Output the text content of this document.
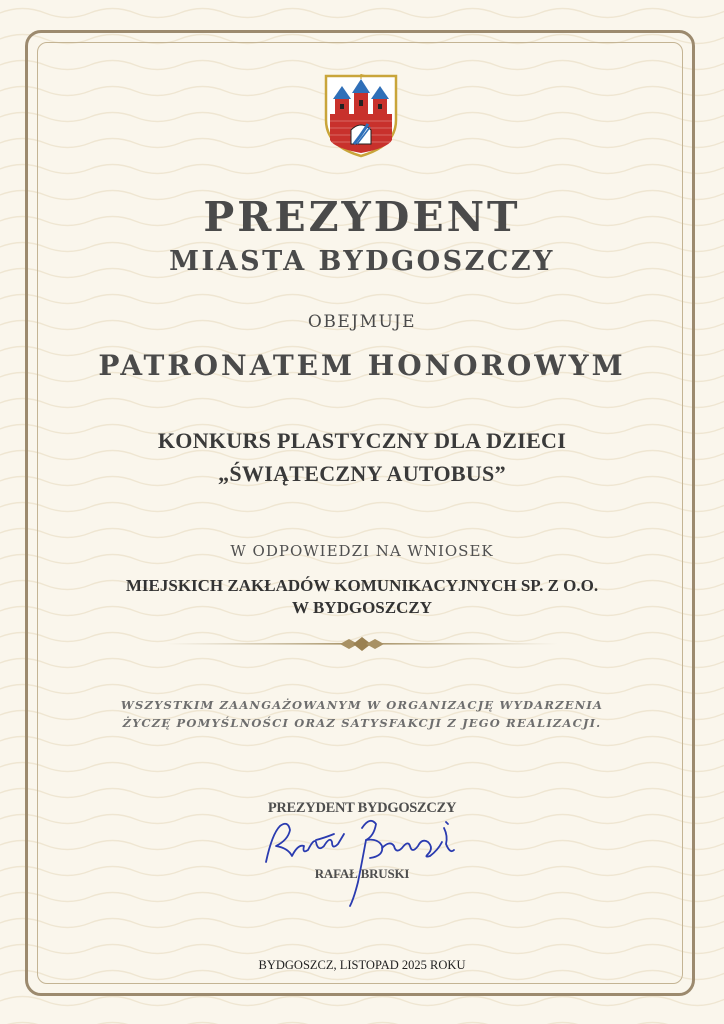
PREZYDENT
MIASTA BYDGOSZCZY
OBEJMUJE
PATRONATEM HONOROWYM
KONKURS PLASTYCZNY DLA DZIECI
„ŚWIĄTECZNY AUTOBUS”
W ODPOWIEDZI NA WNIOSEK
MIEJSKICH ZAKŁADÓW KOMUNIKACYJNYCH SP. Z O.O.
W BYDGOSZCZY
WSZYSTKIM ZAANGAŻOWANYM W ORGANIZACJĘ WYDARZENIA
ŻYCZĘ POMYŚLNOŚCI ORAZ SATYSFAKCJI Z JEGO REALIZACJI.
PREZYDENT BYDGOSZCZY
RAFAŁ BRUSKI
BYDGOSZCZ, LISTOPAD 2025 ROKU
